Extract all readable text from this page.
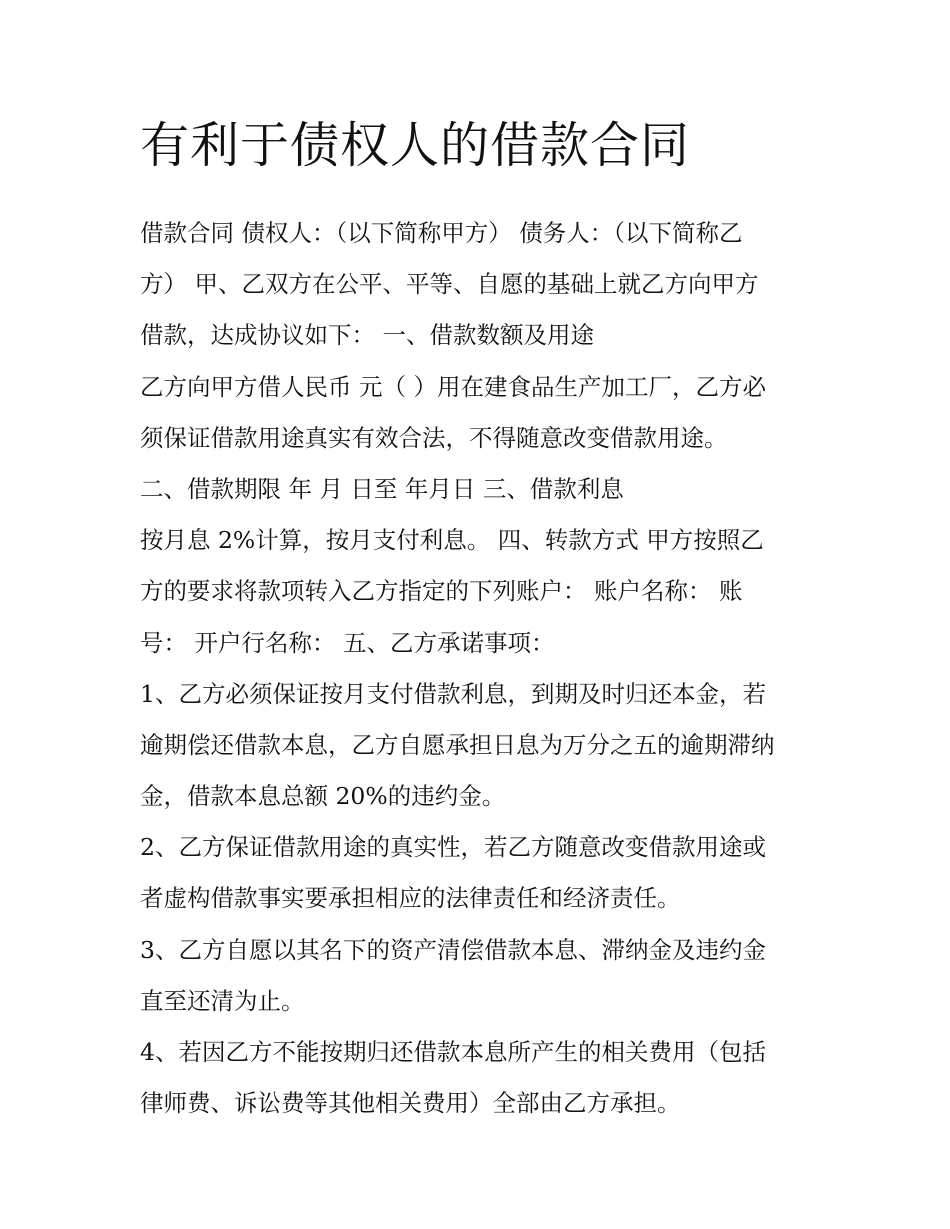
有利于债权人的借款合同

借款合同 债权人：（以下简称甲方） 债务人：（以下简称乙

方） 甲、乙双方在公平、平等、自愿的基础上就乙方向甲方

借款，达成协议如下： 一、借款数额及用途

乙方向甲方借人民币 元（ ）用在建食品生产加工厂，乙方必

须保证借款用途真实有效合法，不得随意改变借款用途。

二、借款期限 年 月 日至 年月日 三、借款利息

按月息 2%计算，按月支付利息。 四、转款方式 甲方按照乙

方的要求将款项转入乙方指定的下列账户： 账户名称： 账

号： 开户行名称： 五、乙方承诺事项：

1、乙方必须保证按月支付借款利息，到期及时归还本金，若

逾期偿还借款本息，乙方自愿承担日息为万分之五的逾期滞纳

金，借款本息总额 20%的违约金。

2、乙方保证借款用途的真实性，若乙方随意改变借款用途或

者虚构借款事实要承担相应的法律责任和经济责任。

3、乙方自愿以其名下的资产清偿借款本息、滞纳金及违约金

直至还清为止。

4、若因乙方不能按期归还借款本息所产生的相关费用（包括

律师费、诉讼费等其他相关费用）全部由乙方承担。
